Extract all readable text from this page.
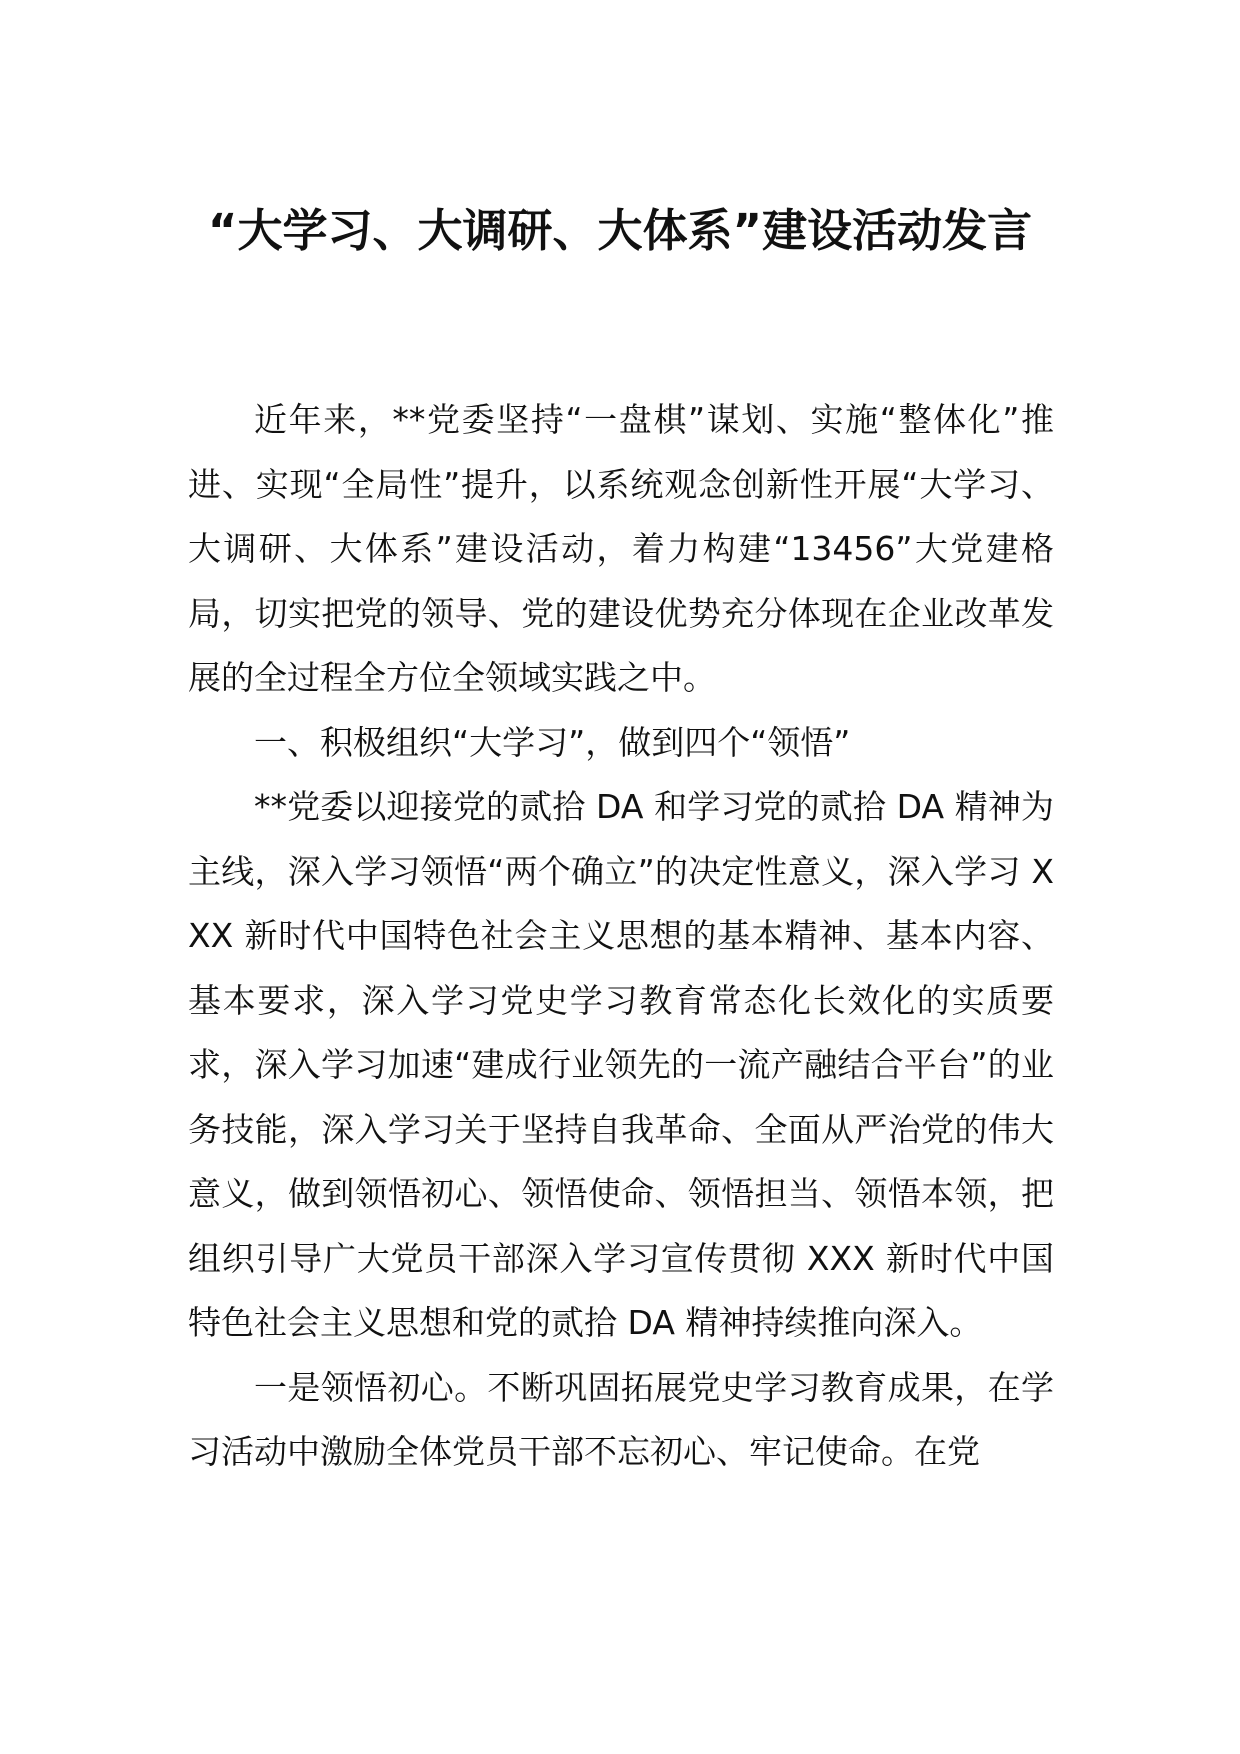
“大学习、大调研、大体系”建设活动发言

近年来，**党委坚持“一盘棋”谋划、实施“整体化”推进、实现“全局性”提升，以系统观念创新性开展“大学习、大调研、大体系”建设活动，着力构建“13456”大党建格局，切实把党的领导、党的建设优势充分体现在企业改革发展的全过程全方位全领域实践之中。

一、积极组织“大学习”，做到四个“领悟”

**党委以迎接党的贰拾 DA 和学习党的贰拾 DA 精神为主线，深入学习领悟“两个确立”的决定性意义，深入学习 XXX 新时代中国特色社会主义思想的基本精神、基本内容、基本要求，深入学习党史学习教育常态化长效化的实质要求，深入学习加速“建成行业领先的一流产融结合平台”的业务技能，深入学习关于坚持自我革命、全面从严治党的伟大意义，做到领悟初心、领悟使命、领悟担当、领悟本领，把组织引导广大党员干部深入学习宣传贯彻 XXX 新时代中国特色社会主义思想和党的贰拾 DA 精神持续推向深入。

一是领悟初心。不断巩固拓展党史学习教育成果，在学习活动中激励全体党员干部不忘初心、牢记使命。在党
